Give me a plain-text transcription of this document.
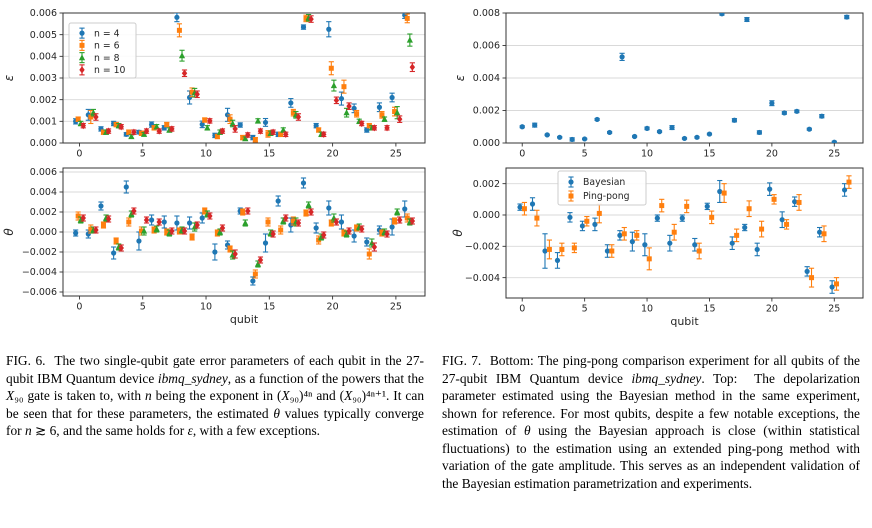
0.000
0.001
0.002
0.003
0.004
0.005
0.006
0	5	10	15	20	25
ε
n = 4
n = 6
n = 8
n = 10
−0.006
−0.004
−0.002
0.000
0.002
0.004
0.006
0	5	10	15	20	25
θ
qubit
FIG. 6.  The two single-qubit gate error parameters of each qubit in the 27-qubit IBM Quantum device ibmq_sydney, as a function of the powers that the X₉₀ gate is taken to, with n being the exponent in (X₉₀)⁴ⁿ and (X₉₀)⁴ⁿ⁺¹. It can be seen that for these parameters, the estimated θ values typically converge for n ≳ 6, and the same holds for ε, with a few exceptions.
0.000
0.002
0.004
0.006
0.008
0	5	10	15	20	25
ε
−0.004
−0.002
0.000
0.002
0	5	10	15	20	25
θ
qubit
Bayesian
Ping-pong
FIG. 7.  Bottom: The ping-pong comparison experiment for all qubits of the 27-qubit IBM Quantum device ibmq_sydney. Top:  The depolarization parameter estimated using the Bayesian method in the same experiment, shown for reference. For most qubits, despite a few notable exceptions, the estimation of θ using the Bayesian approach is close (within statistical fluctuations) to the estimation using an extended ping-pong method with variation of the gate amplitude. This serves as an independent validation of the Bayesian estimation parametrization and experiments.
